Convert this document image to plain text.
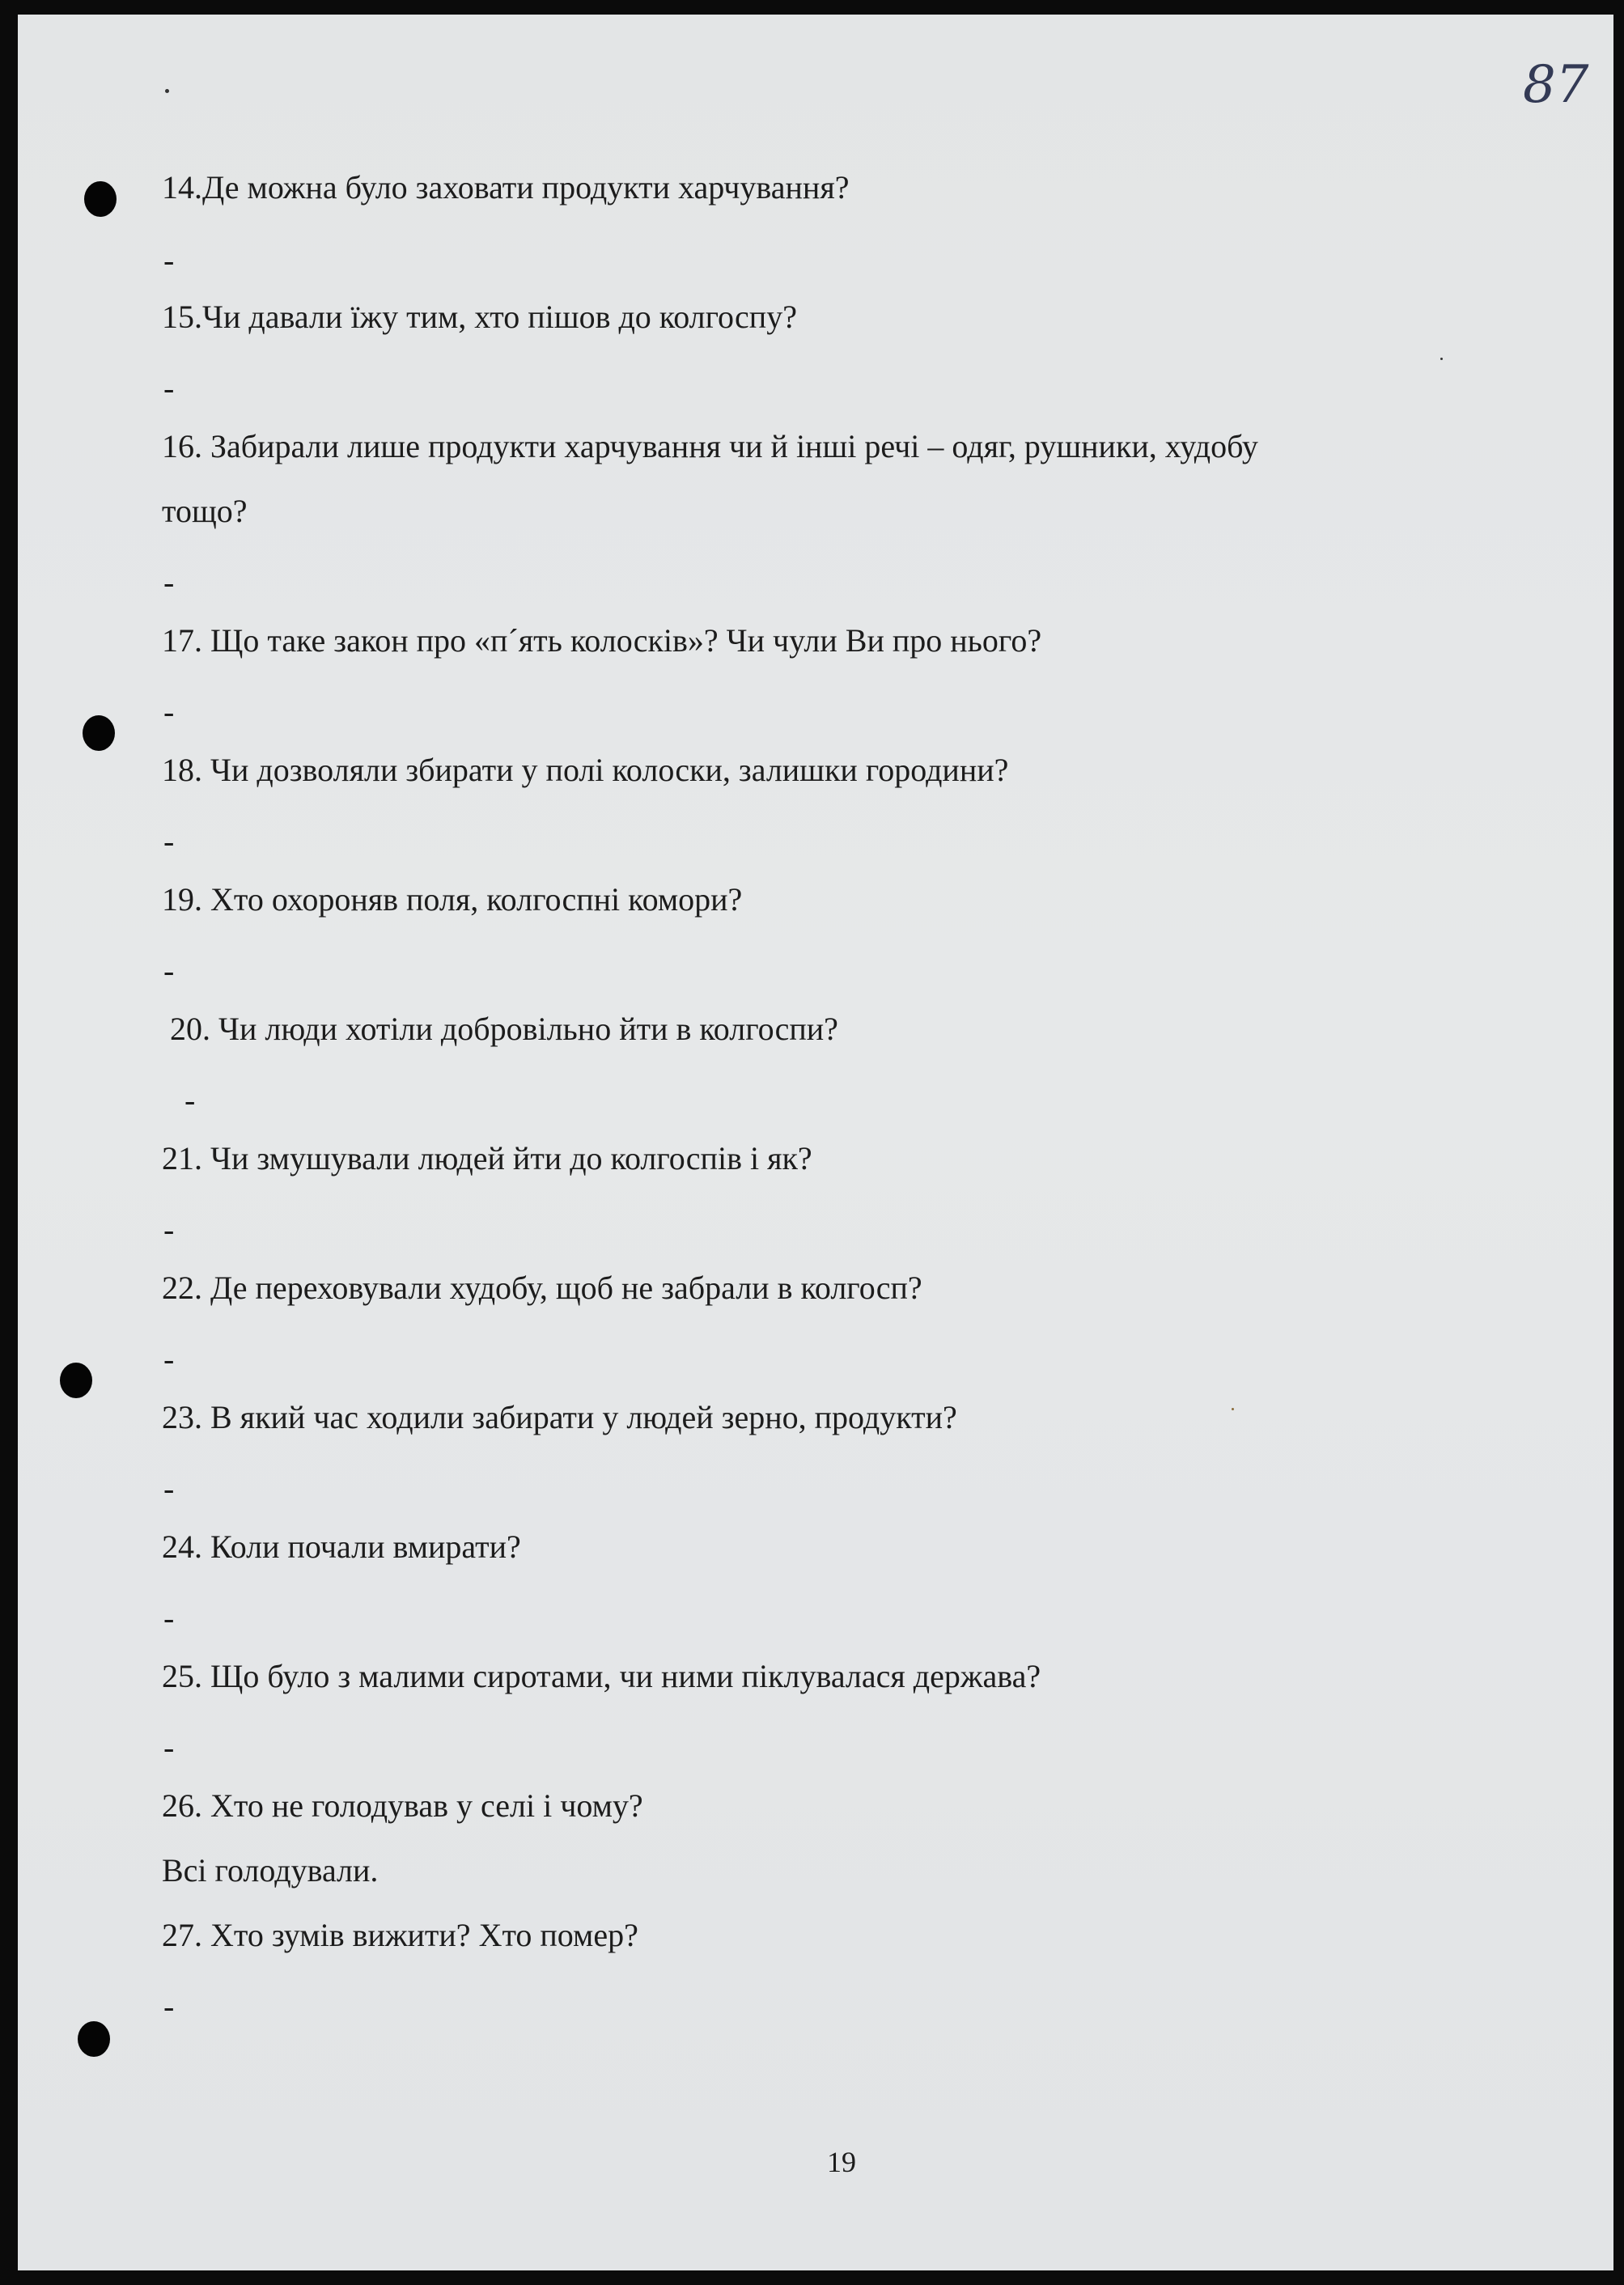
87
14.Де можна було заховати продукти харчування?
-
15.Чи давали їжу тим, хто пішов до колгоспу?
-
16. Забирали лише продукти харчування чи й інші речі – одяг, рушники, худобу
тощо?
-
17. Що таке закон про «п´ять колосків»? Чи чули Ви про нього?
-
18. Чи дозволяли збирати у полі колоски, залишки городини?
-
19. Хто охороняв поля, колгоспні комори?
-
20. Чи люди хотіли добровільно йти в колгоспи?
-
21. Чи змушували людей йти до колгоспів і як?
-
22. Де переховували худобу, щоб не забрали в колгосп?
-
23. В який час ходили забирати у людей зерно, продукти?
-
24. Коли почали вмирати?
-
25. Що було з малими сиротами, чи ними піклувалася держава?
-
26. Хто не голодував у селі і чому?
Всі голодували.
27. Хто зумів вижити? Хто помер?
-
19
